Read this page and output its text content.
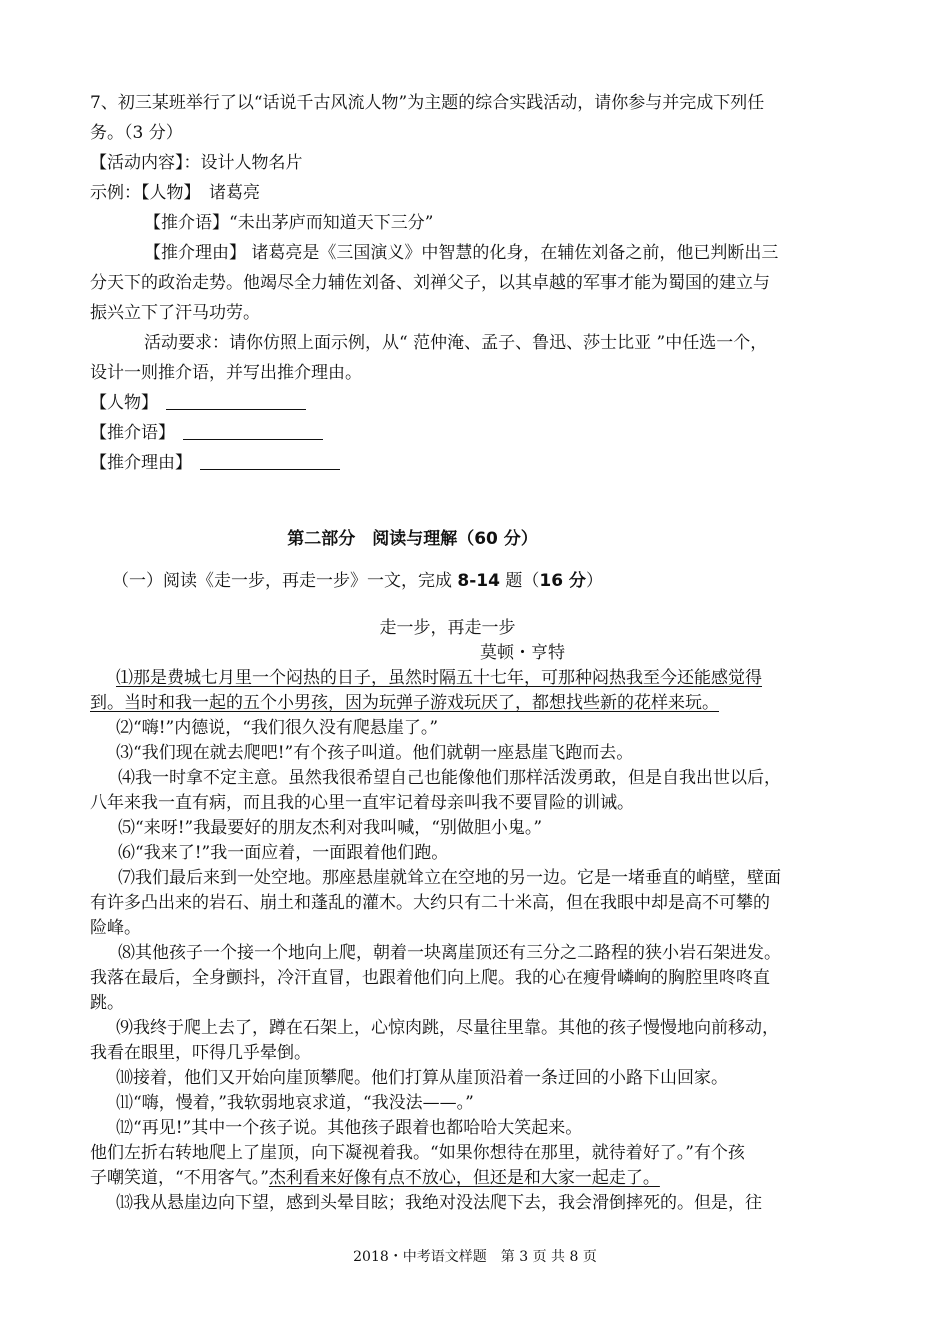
7、初三某班举行了以“话说千古风流人物”为主题的综合实践活动，请你参与并完成下列任

务。（3 分）

【活动内容】：设计人物名片

示例：【人物】　诸葛亮

【推介语】“未出茅庐而知道天下三分”

【推介理由】 诸葛亮是《三国演义》中智慧的化身，在辅佐刘备之前，他已判断出三

分天下的政治走势。他竭尽全力辅佐刘备、刘禅父子，以其卓越的军事才能为蜀国的建立与

振兴立下了汗马功劳。

活动要求：请你仿照上面示例，从“ 范仲淹、孟子、鲁迅、莎士比亚 ”中任选一个，

设计一则推介语，并写出推介理由。

【人物】

【推介语】

【推介理由】

第二部分　阅读与理解（60 分）

（一）阅读《走一步，再走一步》一文，完成 8-14 题（16 分）

走一步，再走一步

莫顿・亨特

⑴那是费城七月里一个闷热的日子，虽然时隔五十七年，可那种闷热我至今还能感觉得

到。当时和我一起的五个小男孩，因为玩弹子游戏玩厌了，都想找些新的花样来玩。

⑵“嗨!”内德说，“我们很久没有爬悬崖了。”

⑶“我们现在就去爬吧!”有个孩子叫道。他们就朝一座悬崖飞跑而去。

⑷我一时拿不定主意。虽然我很希望自己也能像他们那样活泼勇敢，但是自我出世以后，

八年来我一直有病，而且我的心里一直牢记着母亲叫我不要冒险的训诫。

⑸“来呀!”我最要好的朋友杰利对我叫喊，“别做胆小鬼。”

⑹“我来了!”我一面应着，一面跟着他们跑。

⑺我们最后来到一处空地。那座悬崖就耸立在空地的另一边。它是一堵垂直的峭壁，壁面

有许多凸出来的岩石、崩土和蓬乱的灌木。大约只有二十米高，但在我眼中却是高不可攀的

险峰。

⑻其他孩子一个接一个地向上爬，朝着一块离崖顶还有三分之二路程的狭小岩石架进发。

我落在最后，全身颤抖，冷汗直冒，也跟着他们向上爬。我的心在瘦骨嶙峋的胸腔里咚咚直

跳。

⑼我终于爬上去了，蹲在石架上，心惊肉跳，尽量往里靠。其他的孩子慢慢地向前移动，

我看在眼里，吓得几乎晕倒。

⑽接着，他们又开始向崖顶攀爬。他们打算从崖顶沿着一条迂回的小路下山回家。

⑾“嗨，慢着，”我软弱地哀求道，“我没法——。”

⑿“再见!”其中一个孩子说。其他孩子跟着也都哈哈大笑起来。

他们左折右转地爬上了崖顶，向下凝视着我。“如果你想待在那里，就待着好了。”有个孩

子嘲笑道，“不用客气。”杰利看来好像有点不放心，但还是和大家一起走了。

⒀我从悬崖边向下望，感到头晕目眩；我绝对没法爬下去，我会滑倒摔死的。但是，往

2018・中考语文样题　第 3 页 共 8 页
